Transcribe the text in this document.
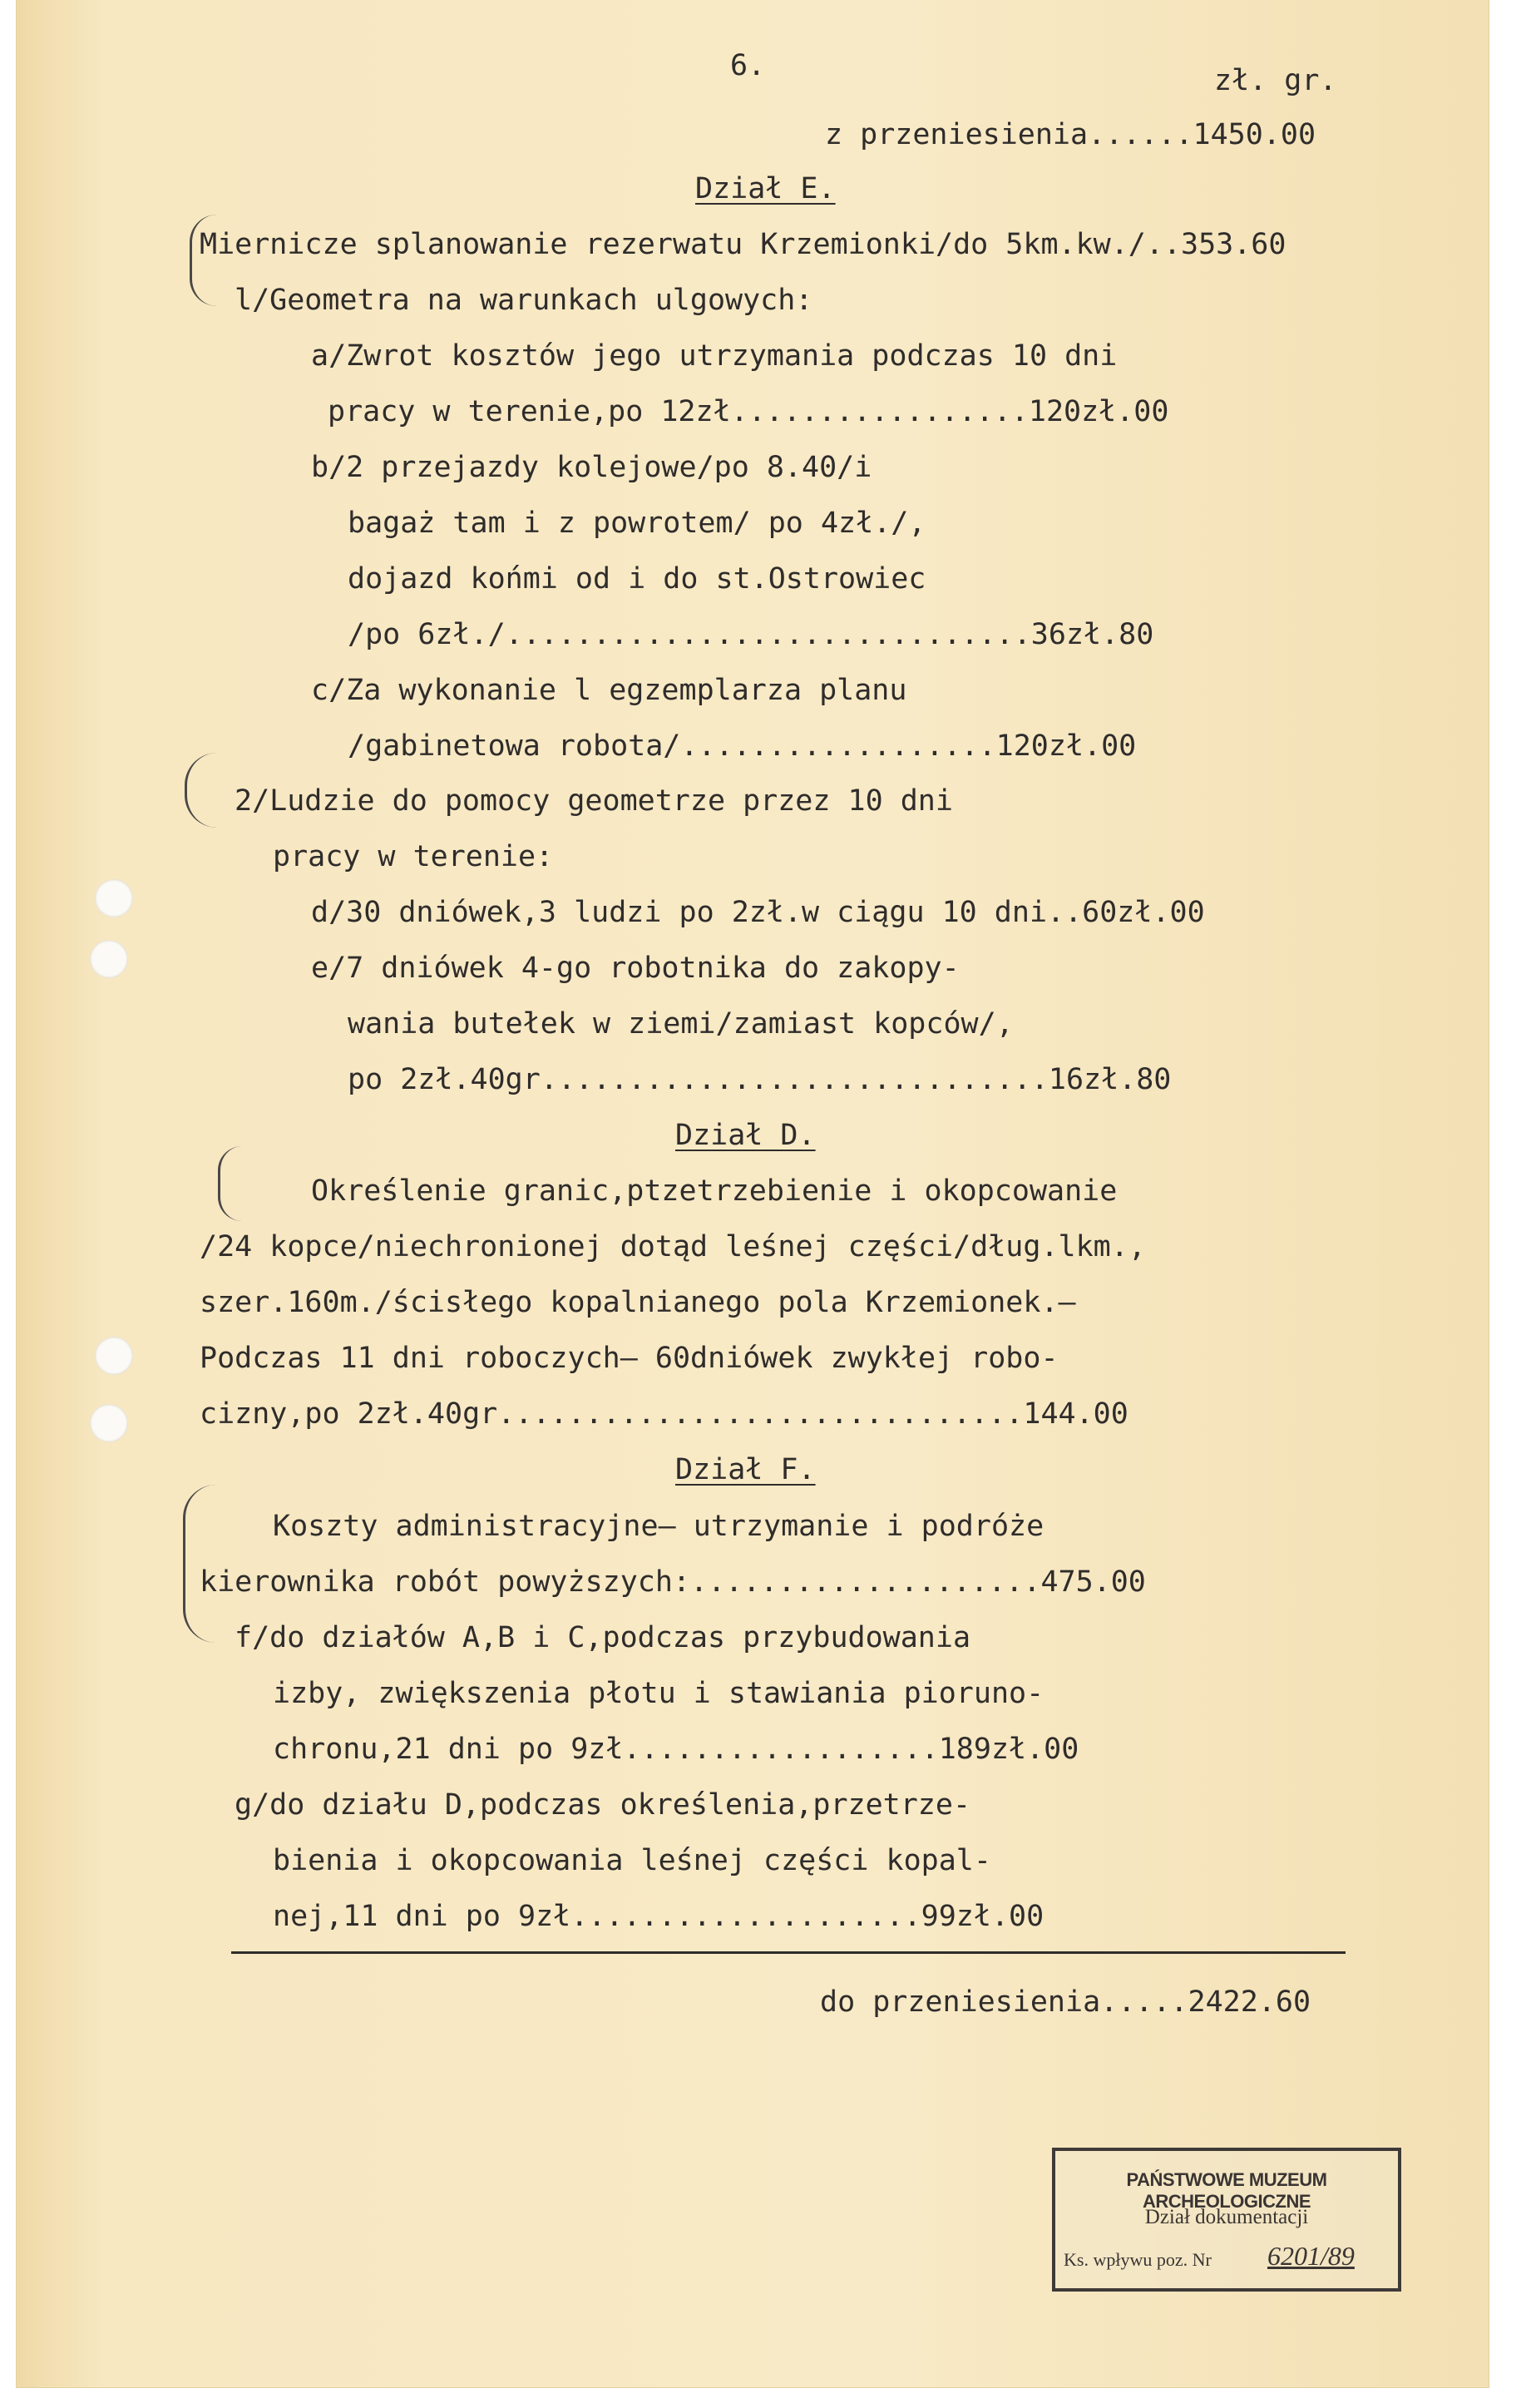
6.	zł. gr.
z przeniesienia......1450.00
Dział E.
Miernicze splanowanie rezerwatu Krzemionki/do 5km.kw./..353.60
l/Geometra na warunkach ulgowych:
a/Zwrot kosztów jego utrzymania podczas 10 dni
pracy w terenie,po 12zł.................120zł.00
b/2 przejazdy kolejowe/po 8.40/i
bagaż tam i z powrotem/ po 4zł./,
dojazd końmi od i do st.Ostrowiec
/po 6zł./..............................36zł.80
c/Za wykonanie l egzemplarza planu
/gabinetowa robota/..................120zł.00
2/Ludzie do pomocy geometrze przez 10 dni
pracy w terenie:
d/30 dniówek,3 ludzi po 2zł.w ciągu 10 dni..60zł.00
e/7 dniówek 4-go robotnika do zakopy-
wania butełek w ziemi/zamiast kopców/,
po 2zł.40gr.............................16zł.80
Dział D.
Określenie granic,ptzetrzebienie i okopcowanie
/24 kopce/niechronionej dotąd leśnej części/dług.lkm.,
szer.160m./ścisłego kopalnianego pola Krzemionek.—
Podczas 11 dni roboczych— 60dniówek zwykłej robo-
cizny,po 2zł.40gr..............................144.00
Dział F.
Koszty administracyjne— utrzymanie i podróże
kierownika robót powyższych:....................475.00
f/do działów A,B i C,podczas przybudowania
izby, zwiększenia płotu i stawiania pioruno-
chronu,21 dni po 9zł..................189zł.00
g/do działu D,podczas określenia,przetrze-
bienia i okopcowania leśnej części kopal-
nej,11 dni po 9zł....................99zł.00
do przeniesienia.....2422.60
PAŃSTWOWE MUZEUM ARCHEOLOGICZNE
Dział dokumentacji
Ks. wpływu poz. Nr 6201/89
